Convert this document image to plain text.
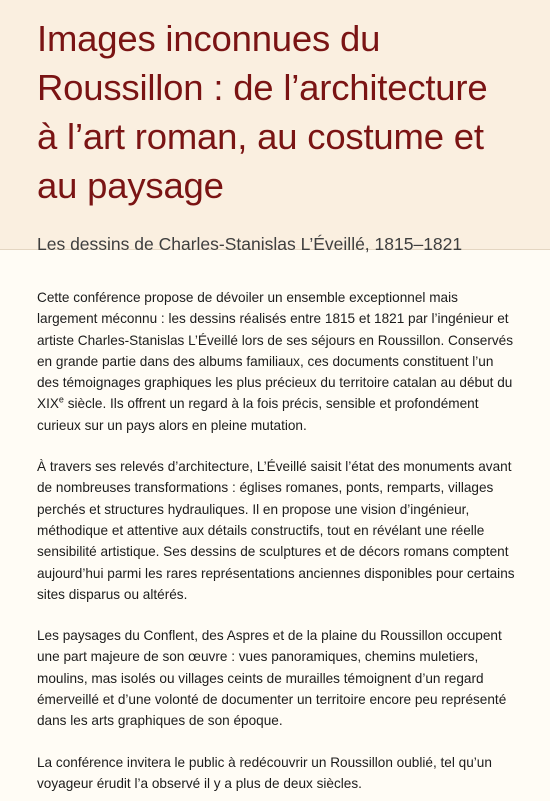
Images inconnues du Roussillon : de l’architecture à l’art roman, au costume et au paysage

Les dessins de Charles-Stanislas L’Éveillé, 1815–1821

Cette conférence propose de dévoiler un ensemble exceptionnel mais largement méconnu : les dessins réalisés entre 1815 et 1821 par l’ingénieur et artiste Charles-Stanislas L’Éveillé lors de ses séjours en Roussillon. Conservés en grande partie dans des albums familiaux, ces documents constituent l’un des témoignages graphiques les plus précieux du territoire catalan au début du XIXe siècle. Ils offrent un regard à la fois précis, sensible et profondément curieux sur un pays alors en pleine mutation.

À travers ses relevés d’architecture, L’Éveillé saisit l’état des monuments avant de nombreuses transformations : églises romanes, ponts, remparts, villages perchés et structures hydrauliques. Il en propose une vision d’ingénieur, méthodique et attentive aux détails constructifs, tout en révélant une réelle sensibilité artistique. Ses dessins de sculptures et de décors romans comptent aujourd’hui parmi les rares représentations anciennes disponibles pour certains sites disparus ou altérés.

Les paysages du Conflent, des Aspres et de la plaine du Roussillon occupent une part majeure de son œuvre : vues panoramiques, chemins muletiers, moulins, mas isolés ou villages ceints de murailles témoignent d’un regard émerveillé et d’une volonté de documenter un territoire encore peu représenté dans les arts graphiques de son époque.

La conférence invitera le public à redécouvrir un Roussillon oublié, tel qu’un voyageur érudit l’a observé il y a plus de deux siècles.
